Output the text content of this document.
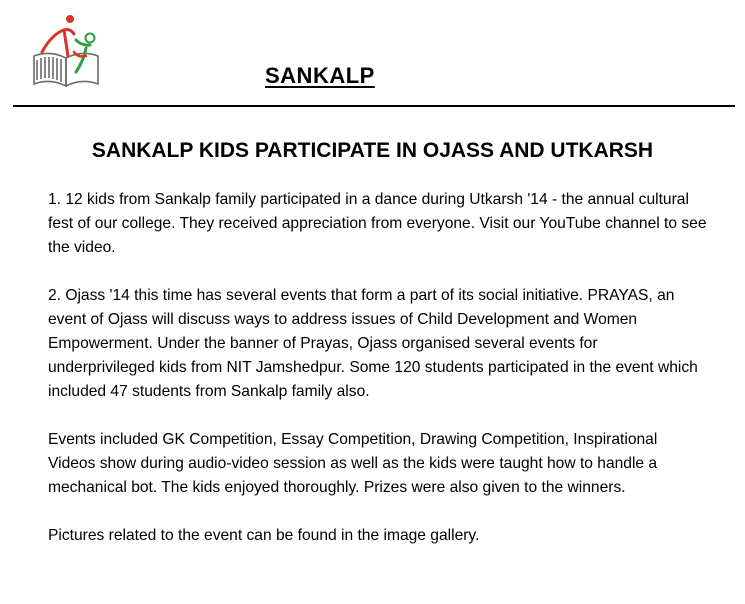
SANKALP
SANKALP KIDS PARTICIPATE IN OJASS AND UTKARSH

1. 12 kids from Sankalp family participated in a dance during Utkarsh '14 - the annual cultural fest of our college. They received appreciation from everyone. Visit our YouTube channel to see the video.

2. Ojass '14 this time has several events that form a part of its social initiative. PRAYAS, an event of Ojass will discuss ways to address issues of Child Development and Women Empowerment. Under the banner of Prayas, Ojass organised several events for underprivileged kids from NIT Jamshedpur. Some 120 students participated in the event which included 47 students from Sankalp family also.

Events included GK Competition, Essay Competition, Drawing Competition, Inspirational Videos show during audio-video session as well as the kids were taught how to handle a mechanical bot. The kids enjoyed thoroughly. Prizes were also given to the winners.

Pictures related to the event can be found in the image gallery.
